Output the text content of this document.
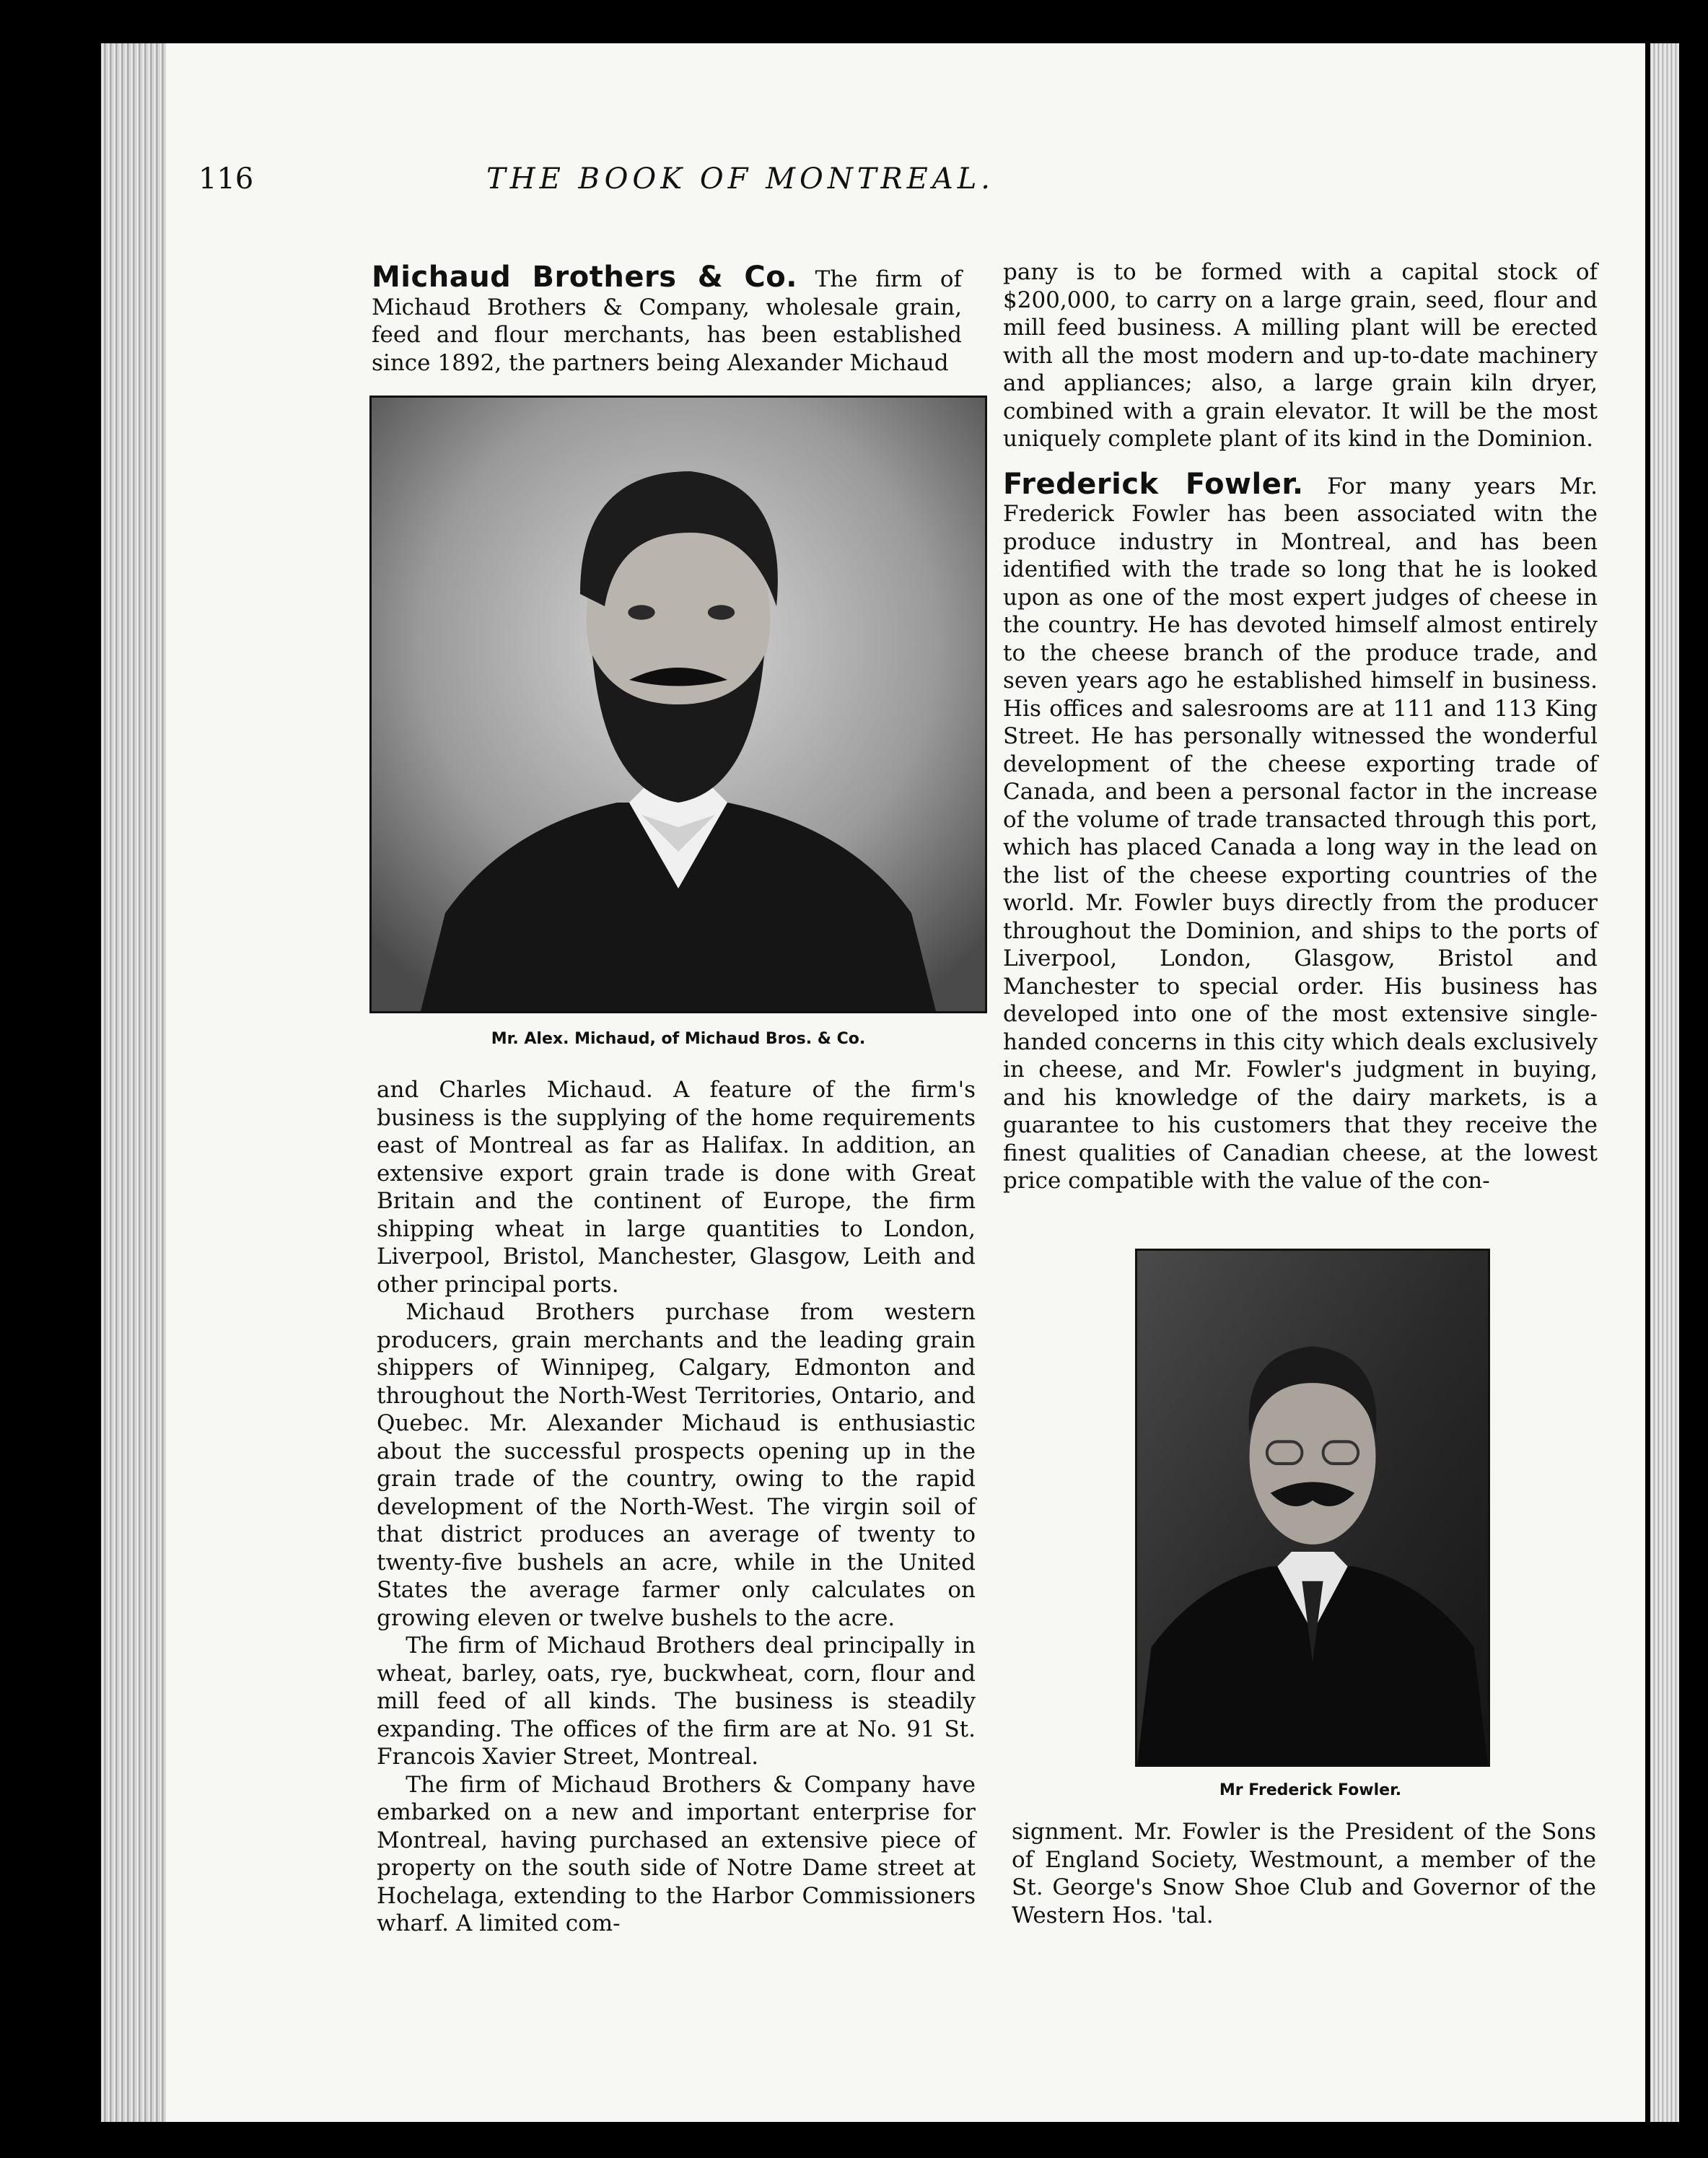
116	THE BOOK OF MONTREAL.

Michaud Brothers & Co. The firm of Michaud Brothers & Company, wholesale grain, feed and flour merchants, has been established since 1892, the partners being Alexander Michaud

Mr. Alex. Michaud, of Michaud Bros. & Co.

and Charles Michaud. A feature of the firm's business is the supplying of the home requirements east of Montreal as far as Halifax. In addition, an extensive export grain trade is done with Great Britain and the continent of Europe, the firm shipping wheat in large quantities to London, Liverpool, Bristol, Manchester, Glasgow, Leith and other principal ports.

Michaud Brothers purchase from western producers, grain merchants and the leading grain shippers of Winnipeg, Calgary, Edmonton and throughout the North-West Territories, Ontario, and Quebec. Mr. Alexander Michaud is enthusiastic about the successful prospects opening up in the grain trade of the country, owing to the rapid development of the North-West. The virgin soil of that district produces an average of twenty to twenty-five bushels an acre, while in the United States the average farmer only calculates on growing eleven or twelve bushels to the acre.

The firm of Michaud Brothers deal principally in wheat, barley, oats, rye, buckwheat, corn, flour and mill feed of all kinds. The business is steadily expanding. The offices of the firm are at No. 91 St. Francois Xavier Street, Montreal.

The firm of Michaud Brothers & Company have embarked on a new and important enterprise for Montreal, having purchased an extensive piece of property on the south side of Notre Dame street at Hochelaga, extending to the Harbor Commissioners wharf. A limited com-

pany is to be formed with a capital stock of $200,000, to carry on a large grain, seed, flour and mill feed business. A milling plant will be erected with all the most modern and up-to-date machinery and appliances; also, a large grain kiln dryer, combined with a grain elevator. It will be the most uniquely complete plant of its kind in the Dominion.

Frederick Fowler. For many years Mr. Frederick Fowler has been associated witn the produce industry in Montreal, and has been identified with the trade so long that he is looked upon as one of the most expert judges of cheese in the country. He has devoted himself almost entirely to the cheese branch of the produce trade, and seven years ago he established himself in business. His offices and salesrooms are at 111 and 113 King Street. He has personally witnessed the wonderful development of the cheese exporting trade of Canada, and been a personal factor in the increase of the volume of trade transacted through this port, which has placed Canada a long way in the lead on the list of the cheese exporting countries of the world. Mr. Fowler buys directly from the producer throughout the Dominion, and ships to the ports of Liverpool, London, Glasgow, Bristol and Manchester to special order. His business has developed into one of the most extensive single-handed concerns in this city which deals exclusively in cheese, and Mr. Fowler's judgment in buying, and his knowledge of the dairy markets, is a guarantee to his customers that they receive the finest qualities of Canadian cheese, at the lowest price compatible with the value of the con-

Mr Frederick Fowler.

signment. Mr. Fowler is the President of the Sons of England Society, Westmount, a member of the St. George's Snow Shoe Club and Governor of the Western Hos. 'tal.
